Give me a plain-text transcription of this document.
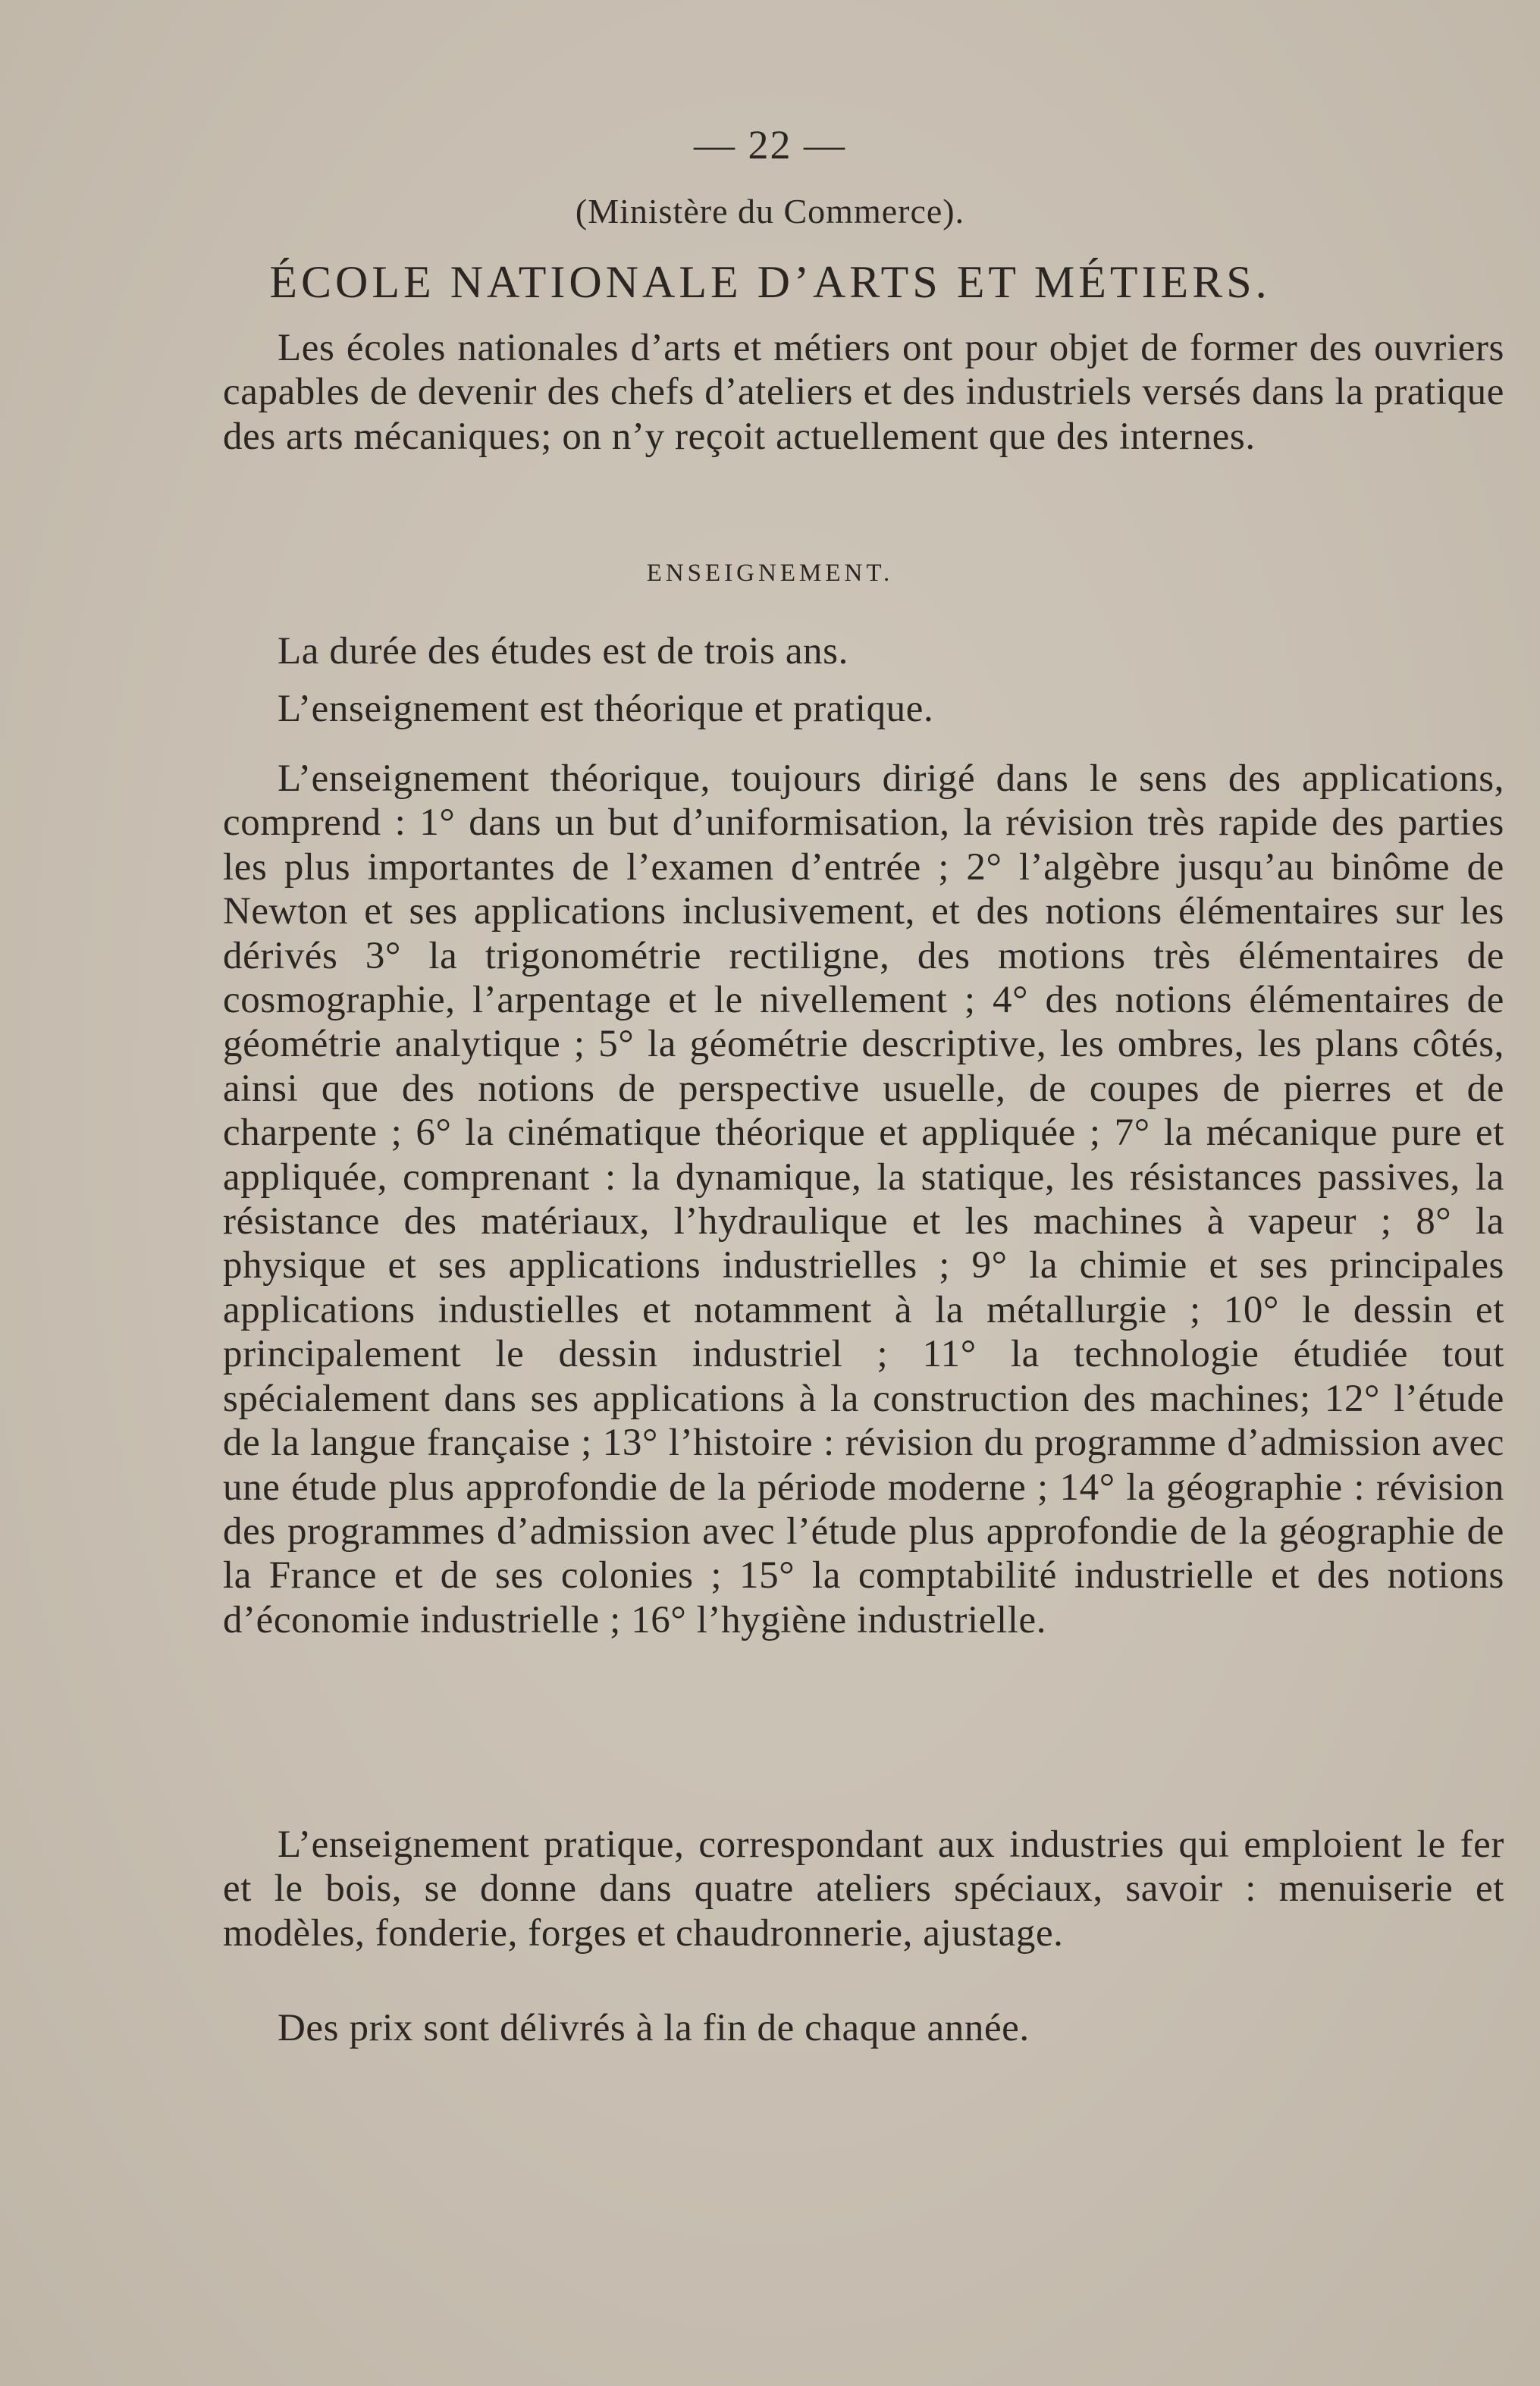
— 22 —
(Ministère du Commerce).
ÉCOLE NATIONALE D’ARTS ET MÉTIERS.

Les écoles nationales d’arts et métiers ont pour objet de former des ouvriers capables de devenir des chefs d’ateliers et des industriels versés dans la pratique des arts mécaniques; on n’y reçoit actuellement que des internes.

ENSEIGNEMENT.

La durée des études est de trois ans.

L’enseignement est théorique et pratique.

L’enseignement théorique, toujours dirigé dans le sens des applications, comprend : 1° dans un but d’uniformisation, la révision très rapide des parties les plus importantes de l’examen d’entrée ; 2° l’algèbre jusqu’au binôme de Newton et ses applications inclusivement, et des notions élémentaires sur les dérivés 3° la trigonométrie rectiligne, des motions très élémentaires de cosmographie, l’arpentage et le nivellement ; 4° des notions élémentaires de géométrie analytique ; 5° la géométrie descriptive, les ombres, les plans côtés, ainsi que des notions de perspective usuelle, de coupes de pierres et de charpente ; 6° la cinématique théorique et appliquée ; 7° la mécanique pure et appliquée, comprenant : la dynamique, la statique, les résistances passives, la résistance des matériaux, l’hydraulique et les machines à vapeur ; 8° la physique et ses applications industrielles ; 9° la chimie et ses principales applications industielles et notamment à la métallurgie ; 10° le dessin et principalement le dessin industriel ; 11° la technologie étudiée tout spécialement dans ses applications à la construction des machines; 12° l’étude de la langue française ; 13° l’histoire : révision du programme d’admission avec une étude plus approfondie de la période moderne ; 14° la géographie : révision des programmes d’admission avec l’étude plus approfondie de la géographie de la France et de ses colonies ; 15° la comptabilité industrielle et des notions d’économie industrielle ; 16° l’hygiène industrielle.

L’enseignement pratique, correspondant aux industries qui emploient le fer et le bois, se donne dans quatre ateliers spéciaux, savoir : menuiserie et modèles, fonderie, forges et chaudronnerie, ajustage.

Des prix sont délivrés à la fin de chaque année.
